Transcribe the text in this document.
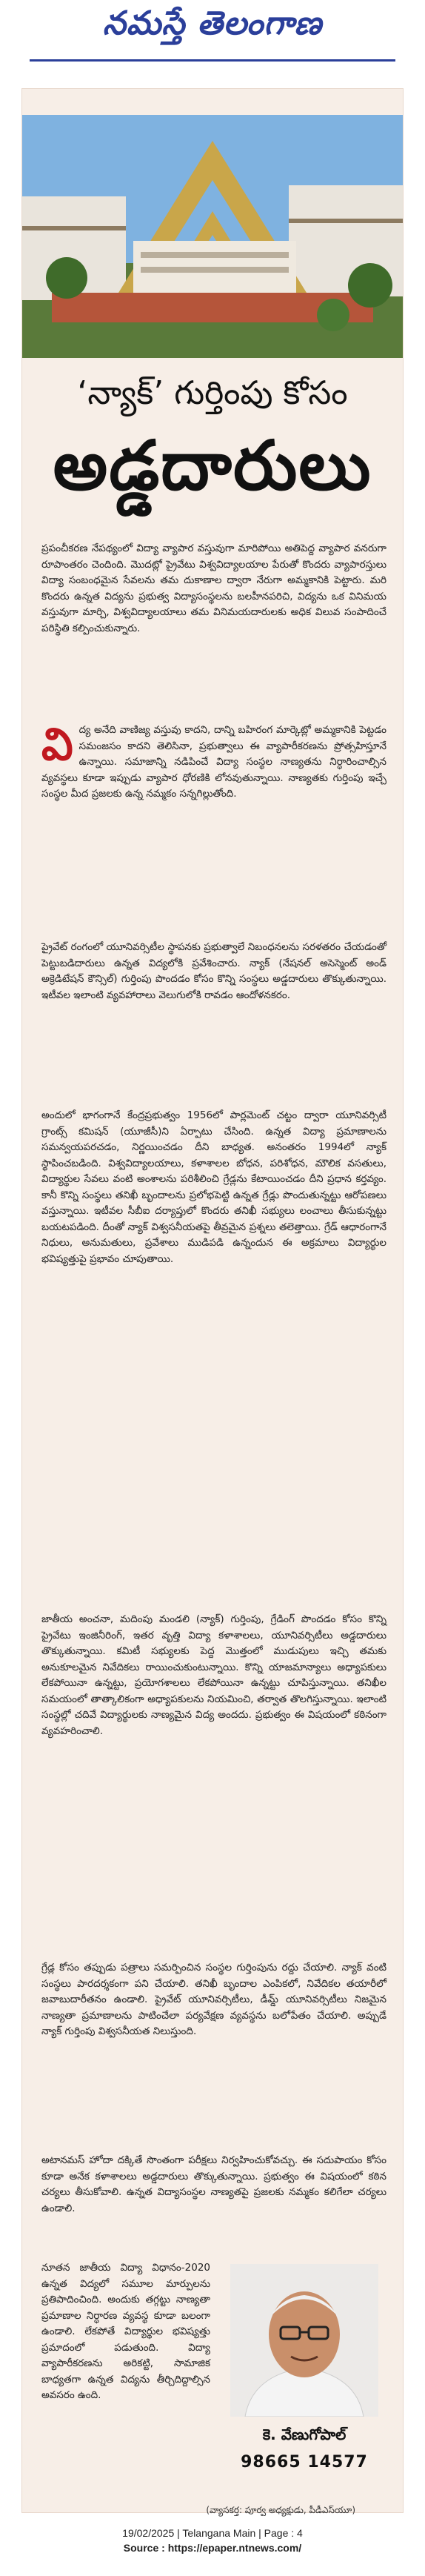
నమస్తే తెలంగాణ
‘న్యాక్’ గుర్తింపు కోసం
అడ్డదారులు
ప్రపంచీకరణ నేపథ్యంలో విద్యా వ్యాపార వస్తువుగా మారిపోయి అతిపెద్ద వ్యాపార వనరుగా రూపాంతరం చెందింది. మొదట్లో ప్రైవేటు విశ్వవిద్యాలయాల పేరుతో కొందరు వ్యాపారస్తులు విద్యా సంబంధమైన సేవలను తమ దుకాణాల ద్వారా నేరుగా అమ్మకానికి పెట్టారు. మరి కొందరు ఉన్నత విద్యను ప్రభుత్వ విద్యాసంస్థలను బలహీనపరిచి, విద్యను ఒక వినిమయ వస్తువుగా మార్చి, విశ్వవిద్యాలయాలు తమ వినిమయదారులకు అధిక విలువ సంపాదించే పరిస్థితి కల్పించుకున్నారు.
వి ద్య అనేది వాణిజ్య వస్తువు కాదని, దాన్ని బహిరంగ మార్కెట్లో అమ్మకానికి పెట్టడం సమంజసం కాదని తెలిసినా, ప్రభుత్వాలు ఈ వ్యాపారీకరణను ప్రోత్సహిస్తూనే ఉన్నాయి. సమాజాన్ని నడిపించే విద్యా సంస్థల నాణ్యతను నిర్ధారించాల్సిన వ్యవస్థలు కూడా ఇప్పుడు వ్యాపార ధోరణికి లోనవుతున్నాయి. నాణ్యతకు గుర్తింపు ఇచ్చే సంస్థల మీద ప్రజలకు ఉన్న నమ్మకం సన్నగిల్లుతోంది.
ప్రైవేట్ రంగంలో యూనివర్సిటీల స్థాపనకు ప్రభుత్వాలే నిబంధనలను సరళతరం చేయడంతో పెట్టుబడిదారులు ఉన్నత విద్యలోకి ప్రవేశించారు. న్యాక్ (నేషనల్ అసెస్మెంట్ అండ్ అక్రెడిటేషన్ కౌన్సిల్) గుర్తింపు పొందడం కోసం కొన్ని సంస్థలు అడ్డదారులు తొక్కుతున్నాయి. ఇటీవల ఇలాంటి వ్యవహారాలు వెలుగులోకి రావడం ఆందోళనకరం.
అందులో భాగంగానే కేంద్రప్రభుత్వం 1956లో పార్లమెంట్ చట్టం ద్వారా యూనివర్సిటీ గ్రాంట్స్ కమిషన్ (యూజీసీ)ని ఏర్పాటు చేసింది. ఉన్నత విద్యా ప్రమాణాలను సమన్వయపరచడం, నిర్ణయించడం దీని బాధ్యత. అనంతరం 1994లో న్యాక్ స్థాపించబడింది. విశ్వవిద్యాలయాలు, కళాశాలల బోధన, పరిశోధన, మౌలిక వసతులు, విద్యార్థుల సేవలు వంటి అంశాలను పరిశీలించి గ్రేడ్లను కేటాయించడం దీని ప్రధాన కర్తవ్యం. కానీ కొన్ని సంస్థలు తనిఖీ బృందాలను ప్రలోభపెట్టి ఉన్నత గ్రేడ్లు పొందుతున్నట్టు ఆరోపణలు వస్తున్నాయి. ఇటీవల సీబీఐ దర్యాప్తులో కొందరు తనిఖీ సభ్యులు లంచాలు తీసుకున్నట్టు బయటపడింది. దీంతో న్యాక్ విశ్వసనీయతపై తీవ్రమైన ప్రశ్నలు తలెత్తాయి. గ్రేడ్ ఆధారంగానే నిధులు, అనుమతులు, ప్రవేశాలు ముడిపడి ఉన్నందున ఈ అక్రమాలు విద్యార్థుల భవిష్యత్తుపై ప్రభావం చూపుతాయి.
జాతీయ అంచనా, మదింపు మండలి (న్యాక్) గుర్తింపు, గ్రేడింగ్ పొందడం కోసం కొన్ని ప్రైవేటు ఇంజినీరింగ్, ఇతర వృత్తి విద్యా కళాశాలలు, యూనివర్సిటీలు అడ్డదారులు తొక్కుతున్నాయి. కమిటీ సభ్యులకు పెద్ద మొత్తంలో ముడుపులు ఇచ్చి తమకు అనుకూలమైన నివేదికలు రాయించుకుంటున్నాయి. కొన్ని యాజమాన్యాలు అధ్యాపకులు లేకపోయినా ఉన్నట్టు, ప్రయోగశాలలు లేకపోయినా ఉన్నట్టు చూపిస్తున్నాయి. తనిఖీల సమయంలో తాత్కాలికంగా అధ్యాపకులను నియమించి, తర్వాత తొలగిస్తున్నాయి. ఇలాంటి సంస్థల్లో చదివే విద్యార్థులకు నాణ్యమైన విద్య అందదు. ప్రభుత్వం ఈ విషయంలో కఠినంగా వ్యవహరించాలి.
గ్రేడ్ల కోసం తప్పుడు పత్రాలు సమర్పించిన సంస్థల గుర్తింపును రద్దు చేయాలి. న్యాక్ వంటి సంస్థలు పారదర్శకంగా పని చేయాలి. తనిఖీ బృందాల ఎంపికలో, నివేదికల తయారీలో జవాబుదారీతనం ఉండాలి. ప్రైవేట్ యూనివర్సిటీలు, డీమ్డ్ యూనివర్సిటీలు నిజమైన నాణ్యతా ప్రమాణాలను పాటించేలా పర్యవేక్షణ వ్యవస్థను బలోపేతం చేయాలి. అప్పుడే న్యాక్ గుర్తింపు విశ్వసనీయత నిలుస్తుంది.
అటానమస్ హోదా దక్కితే సొంతంగా పరీక్షలు నిర్వహించుకోవచ్చు. ఈ సదుపాయం కోసం కూడా అనేక కళాశాలలు అడ్డదారులు తొక్కుతున్నాయి. ప్రభుత్వం ఈ విషయంలో కఠిన చర్యలు తీసుకోవాలి. ఉన్నత విద్యాసంస్థల నాణ్యతపై ప్రజలకు నమ్మకం కలిగేలా చర్యలు ఉండాలి.
నూతన జాతీయ విద్యా విధానం-2020 ఉన్నత విద్యలో సమూల మార్పులను ప్రతిపాదించింది. అందుకు తగ్గట్టు నాణ్యతా ప్రమాణాల నిర్ధారణ వ్యవస్థ కూడా బలంగా ఉండాలి. లేకపోతే విద్యార్థుల భవిష్యత్తు ప్రమాదంలో పడుతుంది. విద్యా వ్యాపారీకరణను అరికట్టి, సామాజిక బాధ్యతగా ఉన్నత విద్యను తీర్చిదిద్దాల్సిన అవసరం ఉంది.
కె. వేణుగోపాల్
98665 14577
(వ్యాసకర్త: పూర్వ అధ్యక్షుడు, పీడీఎస్‌యూ)
19/02/2025 | Telangana Main | Page : 4
Source : https://epaper.ntnews.com/
